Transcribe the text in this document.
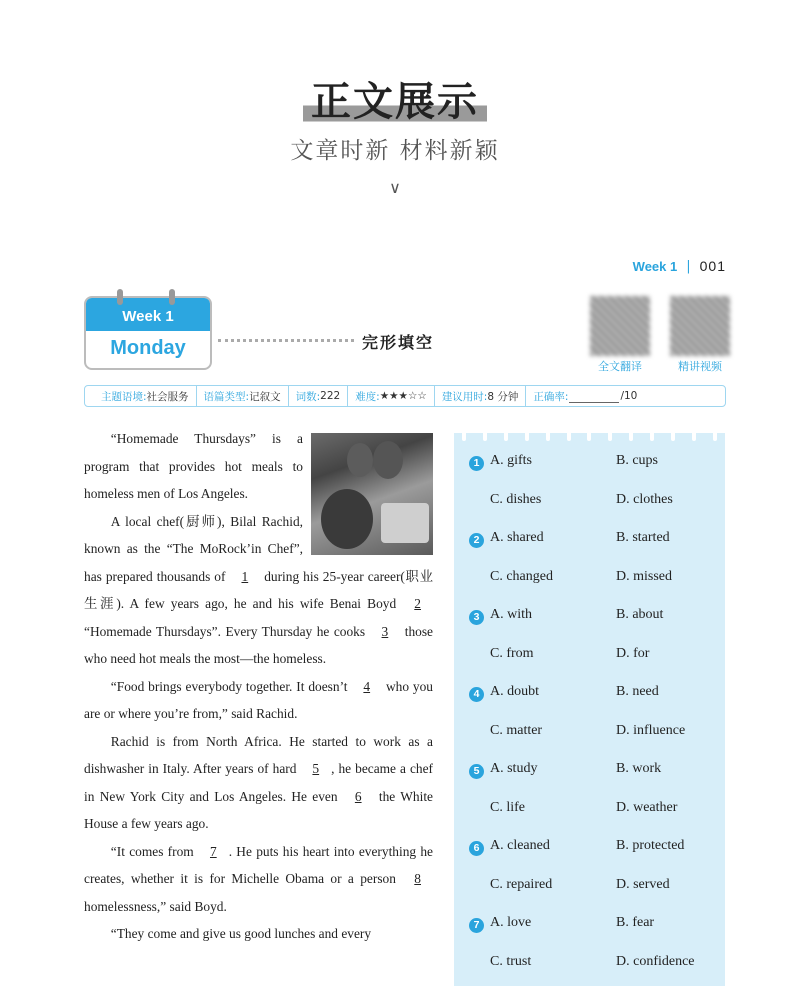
正文展示
文章时新 材料新颖
∨
Week 1 | 001
Week 1
Monday	完形填空
全文翻译	精讲视频
主题语境: 社会服务 语篇类型: 记叙文 词数: 222 难度: ★★★☆☆ 建议用时: 8 分钟 正确率:	/10

“Homemade Thursdays” is a program that provides hot meals to homeless men of Los Angeles.

A local chef(厨师), Bilal Rachid, known as the “The MoRock’in Chef”, has prepared thousands of 1 during his 25-year career(职业生涯). A few years ago, he and his wife Benai Boyd 2 “Homemade Thursdays”. Every Thursday he cooks 3 those who need hot meals the most—the homeless.

“Food brings everybody together. It doesn’t 4 who you are or where you’re from,” said Rachid.

Rachid is from North Africa. He started to work as a dishwasher in Italy. After years of hard 5 , he became a chef in New York City and Los Angeles. He even 6 the White House a few years ago.

“It comes from 7 . He puts his heart into everything he creates, whether it is for Michelle Obama or a person 8 homelessness,” said Boyd.

“They come and give us good lunches and every

1 A. gifts	B. cups
C. dishes	D. clothes
2 A. shared	B. started
C. changed	D. missed
3 A. with	B. about
C. from	D. for
4 A. doubt	B. need
C. matter	D. influence
5 A. study	B. work
C. life	D. weather
6 A. cleaned	B. protected
C. repaired	D. served
7 A. love	B. fear
C. trust	D. confidence
